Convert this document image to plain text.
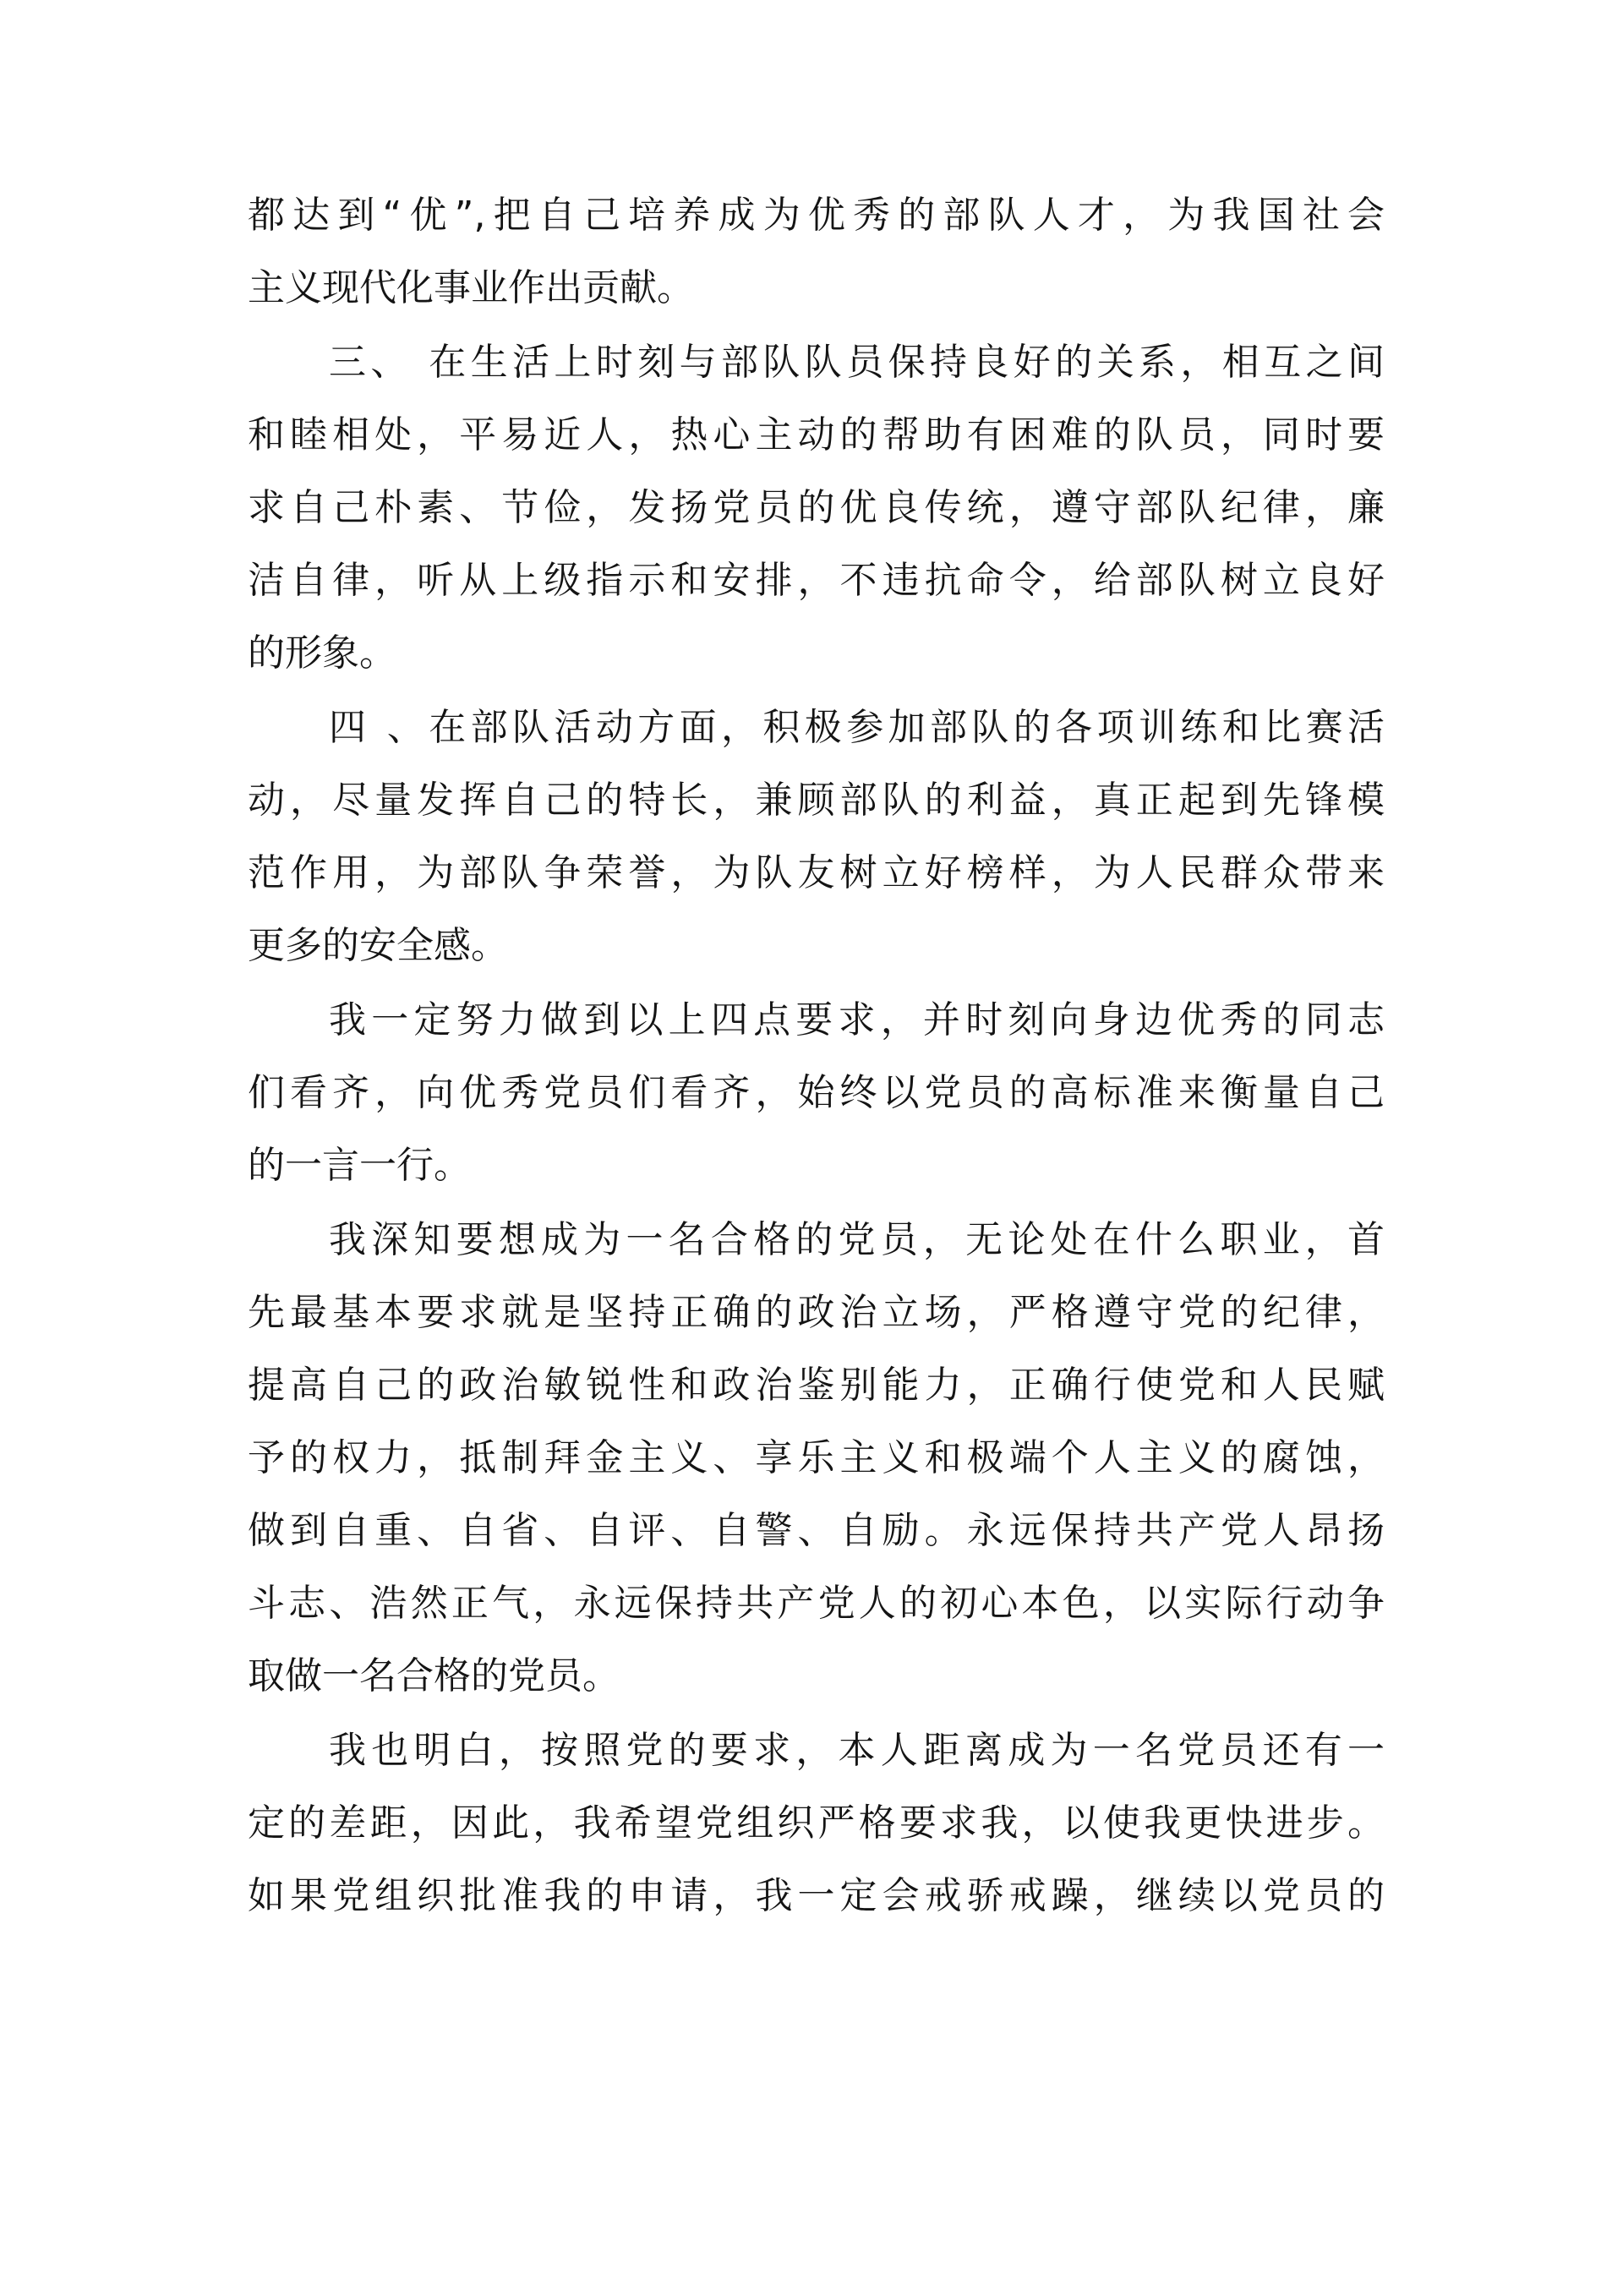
都达到“优”,把自己培养成为优秀的部队人才，为我国社会
主义现代化事业作出贡献。
三、 在生活上时刻与部队队员保持良好的关系，相互之间
和睦相处，平易近人，热心主动的帮助有困难的队员，同时要
求自己朴素、节俭，发扬党员的优良传统，遵守部队纪律，廉
洁自律，听从上级指示和安排，不违抗命令，给部队树立良好
的形象。
四 、在部队活动方面，积极参加部队的各项训练和比赛活
动，尽量发挥自己的特长，兼顾部队的利益，真正起到先锋模
范作用，为部队争荣誉，为队友树立好榜样，为人民群众带来
更多的安全感。
我一定努力做到以上四点要求，并时刻向身边优秀的同志
们看齐，向优秀党员们看齐，始终以党员的高标准来衡量自己
的一言一行。
我深知要想成为一名合格的党员，无论处在什么职业，首
先最基本要求就是坚持正确的政治立场，严格遵守党的纪律，
提高自己的政治敏锐性和政治鉴别能力，正确行使党和人民赋
予的权力，抵制拜金主义、享乐主义和极端个人主义的腐蚀，
做到自重、自省、自评、自警、自励。永远保持共产党人昂扬
斗志、浩然正气，永远保持共产党人的初心本色，以实际行动争
取做一名合格的党员。
我也明白，按照党的要求，本人距离成为一名党员还有一
定的差距，因此，我希望党组织严格要求我，以使我更快进步。
如果党组织批准我的申请，我一定会戒骄戒躁，继续以党员的
